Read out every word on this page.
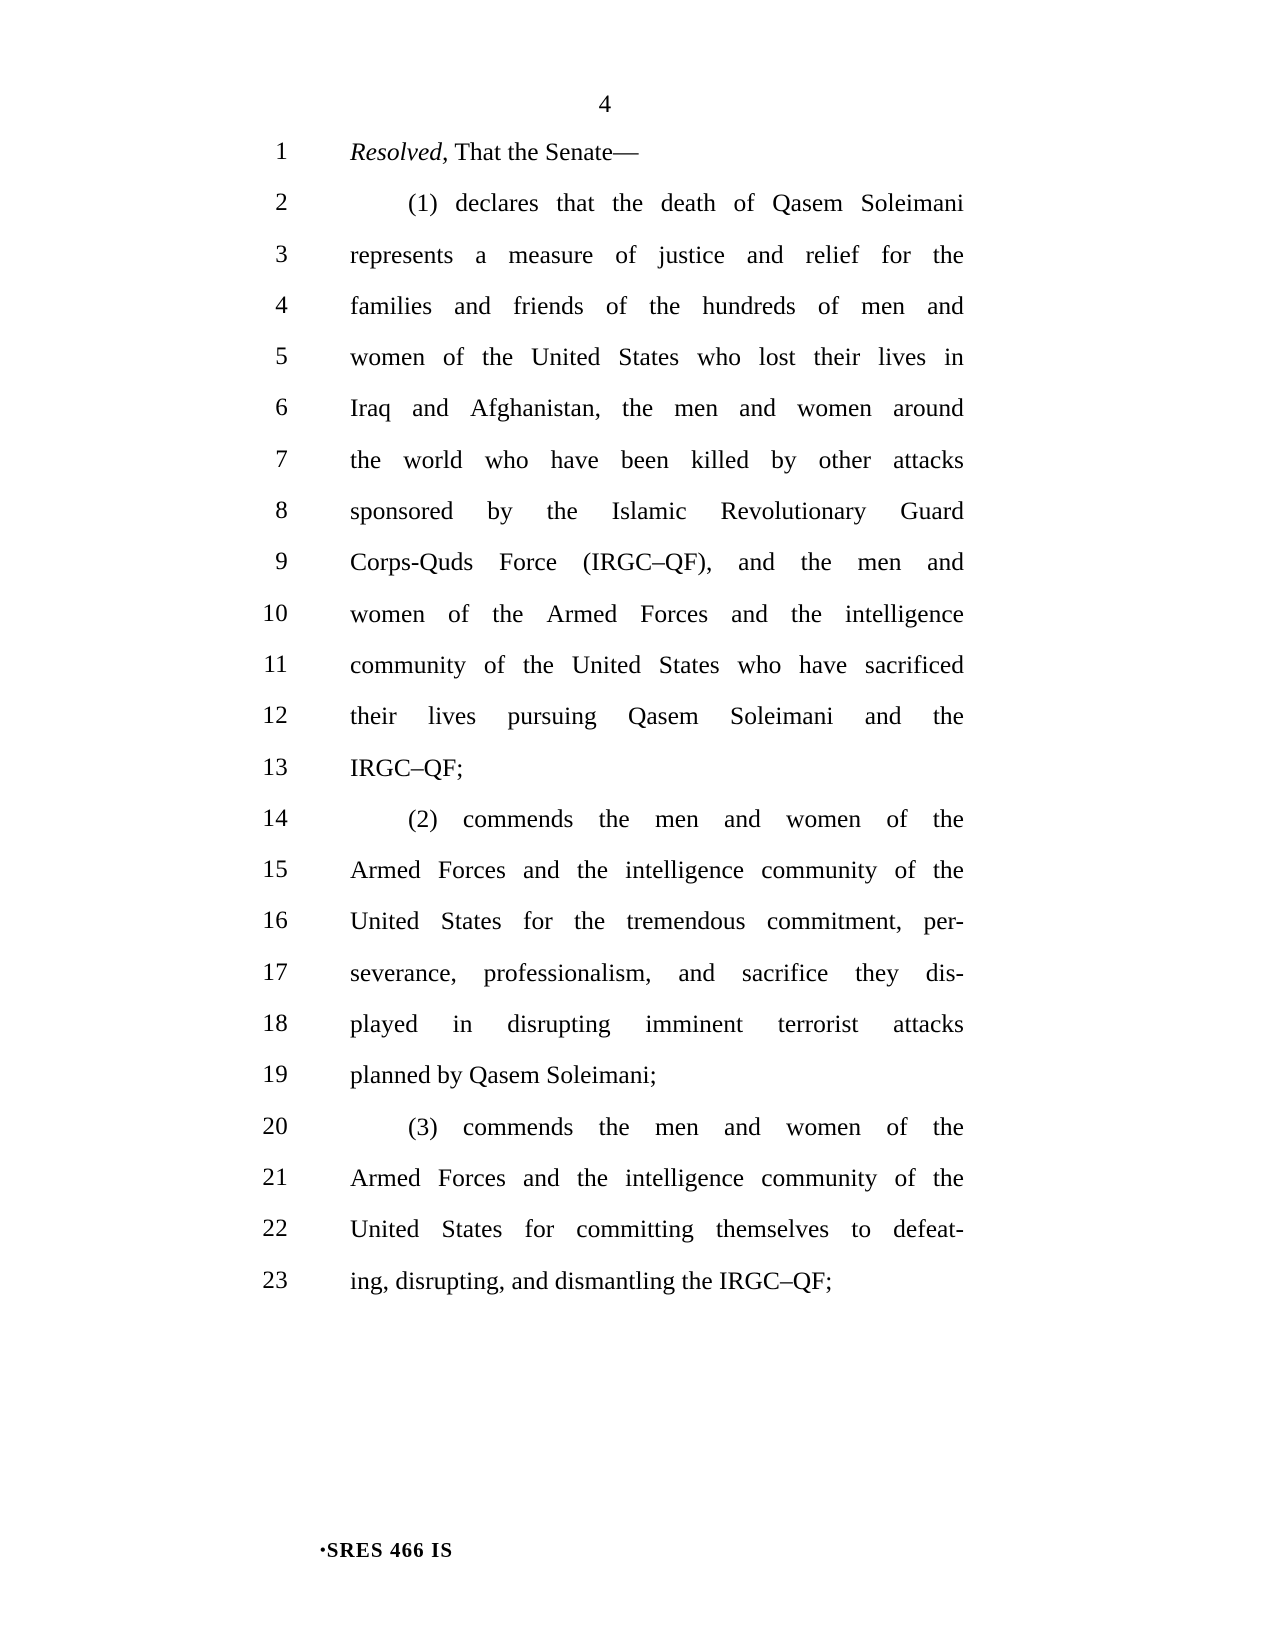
4
1 Resolved, That the Senate—
2	(1) declares that the death of Qasem Soleimani
3 represents a measure of justice and relief for the
4 families and friends of the hundreds of men and
5 women of the United States who lost their lives in
6 Iraq and Afghanistan, the men and women around
7 the world who have been killed by other attacks
8 sponsored by the Islamic Revolutionary Guard
9 Corps-Quds Force (IRGC–QF), and the men and
10 women of the Armed Forces and the intelligence
11 community of the United States who have sacrificed
12 their lives pursuing Qasem Soleimani and the
13 IRGC–QF;
14	(2) commends the men and women of the
15 Armed Forces and the intelligence community of the
16 United States for the tremendous commitment, per-
17 severance, professionalism, and sacrifice they dis-
18 played in disrupting imminent terrorist attacks
19 planned by Qasem Soleimani;
20	(3) commends the men and women of the
21 Armed Forces and the intelligence community of the
22 United States for committing themselves to defeat-
23 ing, disrupting, and dismantling the IRGC–QF;
•SRES 466 IS
